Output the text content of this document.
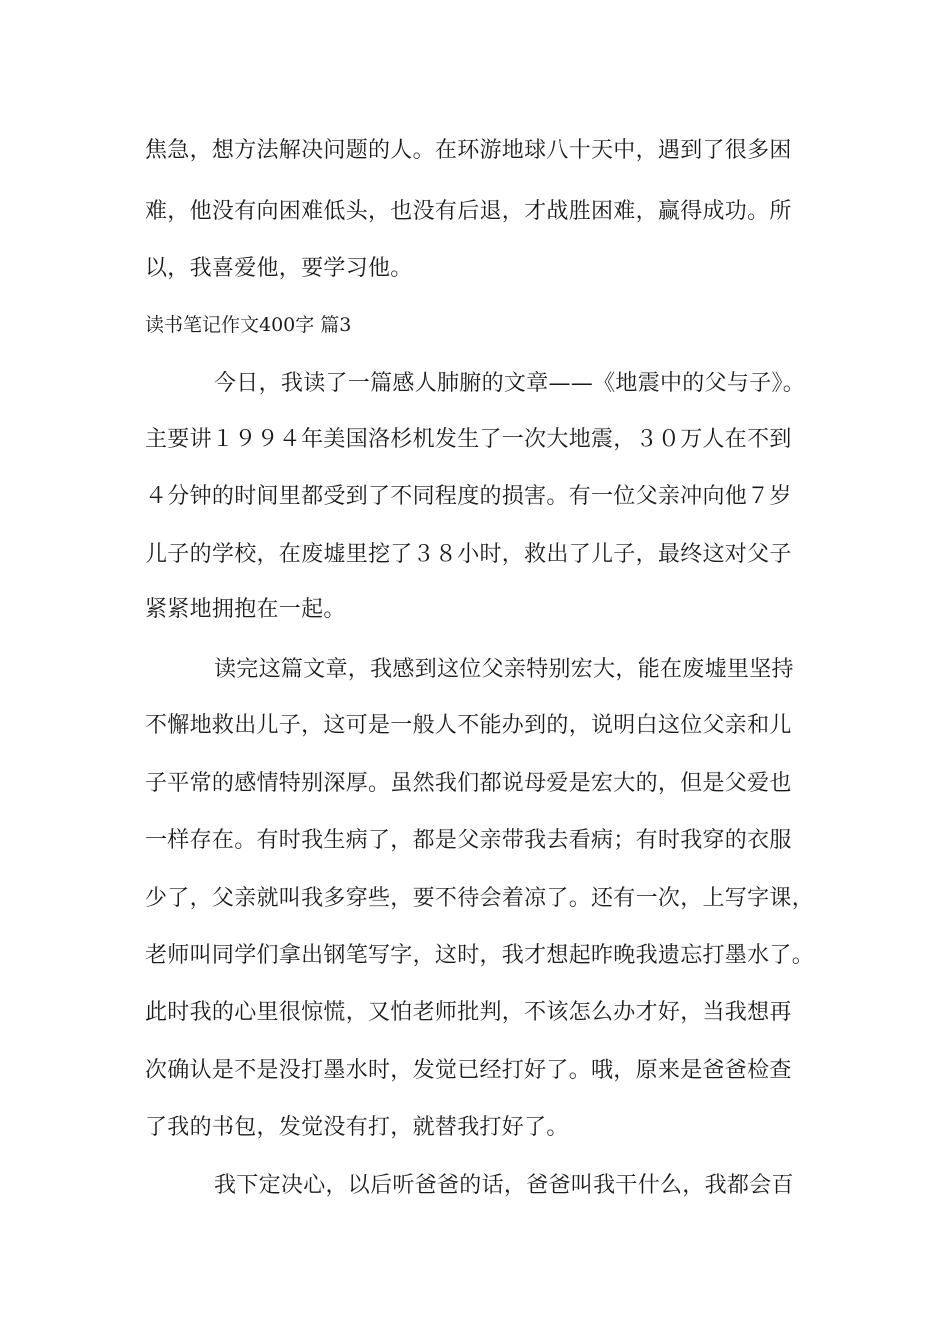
焦急，想方法解决问题的人。在环游地球八十天中，遇到了很多困
难，他没有向困难低头，也没有后退，才战胜困难，赢得成功。所
以，我喜爱他，要学习他。
读书笔记作文400字 篇3
今日，我读了一篇感人肺腑的文章——《地震中的父与子》。
主要讲１９９４年美国洛杉机发生了一次大地震，３０万人在不到
４分钟的时间里都受到了不同程度的损害。有一位父亲冲向他７岁
儿子的学校，在废墟里挖了３８小时，救出了儿子，最终这对父子
紧紧地拥抱在一起。
读完这篇文章，我感到这位父亲特别宏大，能在废墟里坚持
不懈地救出儿子，这可是一般人不能办到的，说明白这位父亲和儿
子平常的感情特别深厚。虽然我们都说母爱是宏大的，但是父爱也
一样存在。有时我生病了，都是父亲带我去看病；有时我穿的衣服
少了，父亲就叫我多穿些，要不待会着凉了。还有一次，上写字课，
老师叫同学们拿出钢笔写字，这时，我才想起昨晚我遗忘打墨水了。
此时我的心里很惊慌，又怕老师批判，不该怎么办才好，当我想再
次确认是不是没打墨水时，发觉已经打好了。哦，原来是爸爸检查
了我的书包，发觉没有打，就替我打好了。
我下定决心，以后听爸爸的话，爸爸叫我干什么，我都会百
